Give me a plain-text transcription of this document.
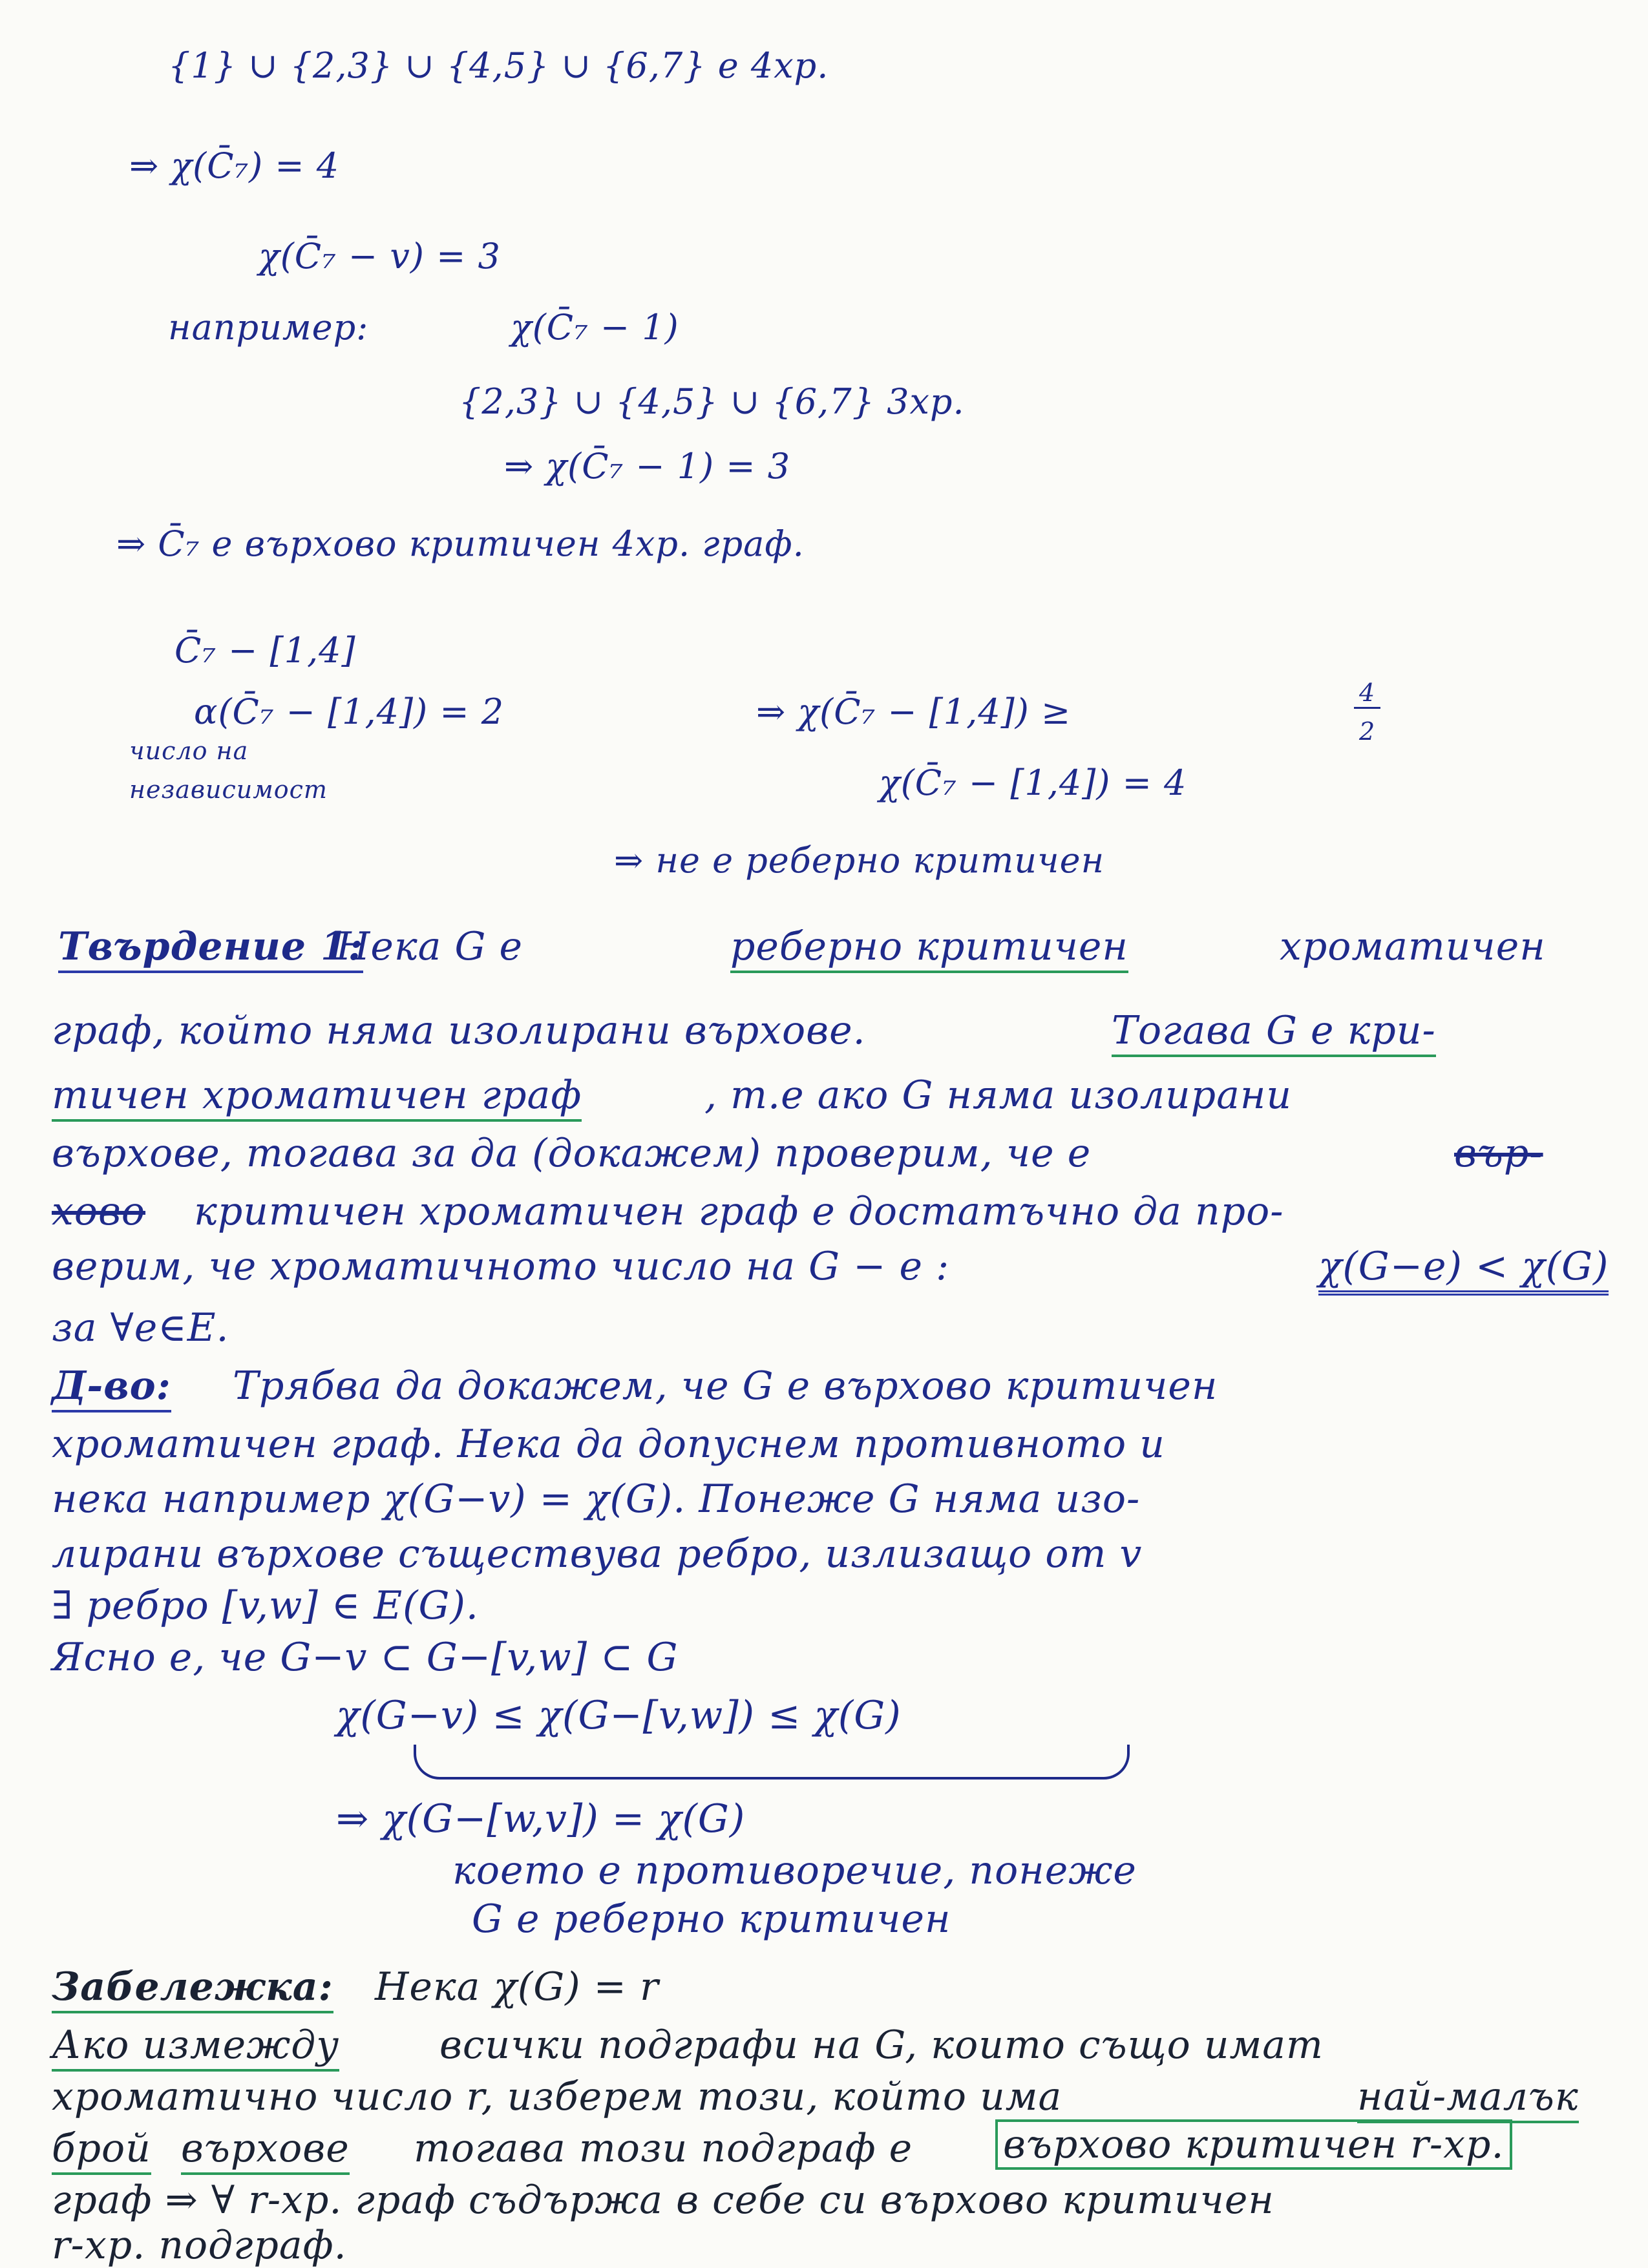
{1} ∪ {2,3} ∪ {4,5} ∪ {6,7} е 4хр.
⇒ χ(C̄₇) = 4
χ(C̄₇ − v) = 3
например:	χ(C̄₇ − 1)
{2,3} ∪ {4,5} ∪ {6,7} 3хр.
⇒ χ(C̄₇ − 1) = 3
⇒ C̄₇ е върхово критичен 4хр. граф.
C̄₇ − [1,4]
α(C̄₇ − [1,4]) = 2	⇒ χ(C̄₇ − [1,4]) ≥	4
2
число на
независимост	χ(C̄₇ − [1,4]) = 4
⇒ не е реберно критичен
Твърдение 1:
Нека G е	реберно критичен	хроматичен
граф, който няма изолирани върхове.	Тогава G е кри-
тичен хроматичен граф	, т.е ако G няма изолирани
върхове, тогава за да (докажем) проверим, че е	вър-
хово критичен хроматичен граф е достатъчно да про-
верим, че хроматичното число на G − e :	χ(G−e) < χ(G)
за ∀e∈E.
Д-во: Трябва да докажем, че G е върхово критичен
хроматичен граф. Нека да допуснем противното и
нека например χ(G−v) = χ(G). Понеже G няма изо-
лирани върхове съществува ребро, излизащо от v
∃ ребро [v,w] ∈ E(G).
Ясно е, че G−v ⊂ G−[v,w] ⊂ G
χ(G−v) ≤ χ(G−[v,w]) ≤ χ(G)
⇒ χ(G−[w,v]) = χ(G)
което е противоречие, понеже
G е реберно критичен
Забележка: Нека χ(G) = r
Ако измежду	всички подграфи на G, които също имат
хроматично число r, изберем този, който има	най-малък
брой върхове тогава този подграф е върхово критичен r-хр.
граф ⇒ ∀ r-хр. граф съдържа в себе си върхово критичен
r-хр. подграф.
